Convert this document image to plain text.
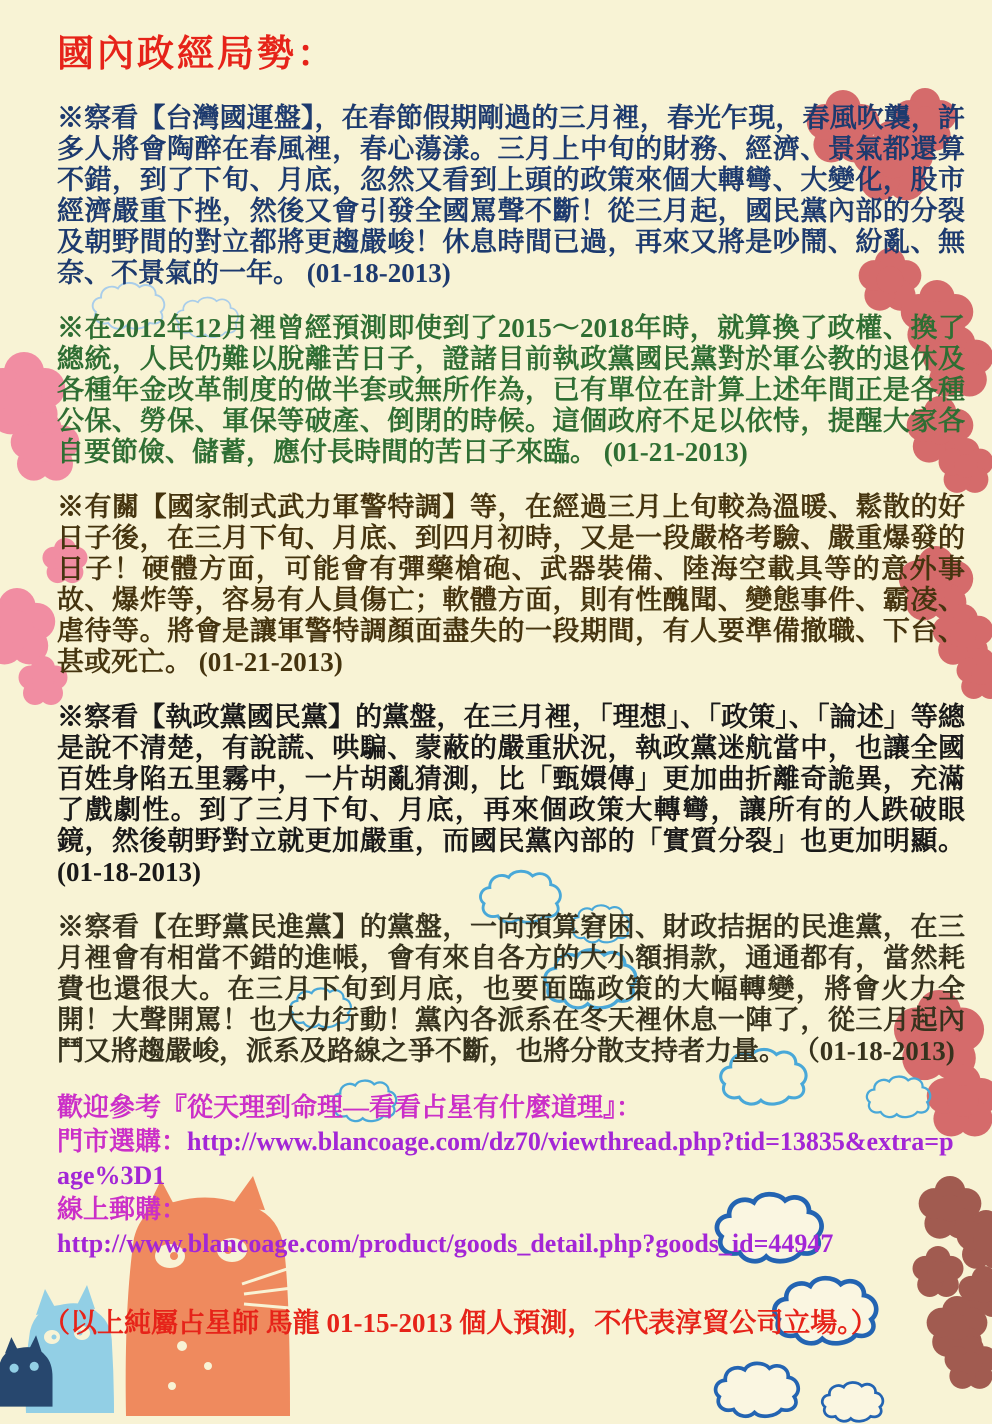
國內政經局勢：
※察看【台灣國運盤】，在春節假期剛過的三月裡，春光乍現，春風吹襲，許多人將會陶醉在春風裡，春心蕩漾。三月上中旬的財務、經濟、景氣都還算不錯，到了下旬、月底，忽然又看到上頭的政策來個大轉彎、大變化，股市經濟嚴重下挫，然後又會引發全國罵聲不斷！從三月起，國民黨內部的分裂及朝野間的對立都將更趨嚴峻！休息時間已過，再來又將是吵鬧、紛亂、無奈、不景氣的一年。 (01-18-2013)
※在2012年12月裡曾經預測即使到了2015～2018年時，就算換了政權、換了總統，人民仍難以脫離苦日子，證諸目前執政黨國民黨對於軍公教的退休及各種年金改革制度的做半套或無所作為，已有單位在計算上述年間正是各種公保、勞保、軍保等破產、倒閉的時候。這個政府不足以依恃，提醒大家各自要節儉、儲蓄，應付長時間的苦日子來臨。 (01-21-2013)
※有關【國家制式武力軍警特調】等，在經過三月上旬較為溫暖、鬆散的好日子後，在三月下旬、月底、到四月初時，又是一段嚴格考驗、嚴重爆發的日子！硬體方面，可能會有彈藥槍砲、武器裝備、陸海空載具等的意外事故、爆炸等，容易有人員傷亡；軟體方面，則有性醜聞、變態事件、霸凌、虐待等。將會是讓軍警特調顏面盡失的一段期間，有人要準備撤職、下台、甚或死亡。 (01-21-2013)
※察看【執政黨國民黨】的黨盤，在三月裡，「理想」、「政策」、「論述」等總是說不清楚，有說謊、哄騙、蒙蔽的嚴重狀況，執政黨迷航當中，也讓全國百姓身陷五里霧中，一片胡亂猜測，比「甄嬛傳」更加曲折離奇詭異，充滿了戲劇性。到了三月下旬、月底，再來個政策大轉彎，讓所有的人跌破眼鏡，然後朝野對立就更加嚴重，而國民黨內部的「實質分裂」也更加明顯。 (01-18-2013)
※察看【在野黨民進黨】的黨盤，一向預算窘困、財政拮据的民進黨，在三月裡會有相當不錯的進帳，會有來自各方的大小額捐款，通通都有，當然耗費也還很大。在三月下旬到月底，也要面臨政策的大幅轉變，將會火力全開！大聲開罵！也大力行動！黨內各派系在冬天裡休息一陣了，從三月起內鬥又將趨嚴峻，派系及路線之爭不斷，也將分散支持者力量。 （01-18-2013)
歡迎參考『從天理到命理—看看占星有什麼道理』：
門市選購：http://www.blancoage.com/dz70/viewthread.php?tid=13835&extra=page%3D1
線上郵購：
http://www.blancoage.com/product/goods_detail.php?goods_id=44947
（以上純屬占星師 馬龍 01-15-2013 個人預測，不代表淳貿公司立場。）
